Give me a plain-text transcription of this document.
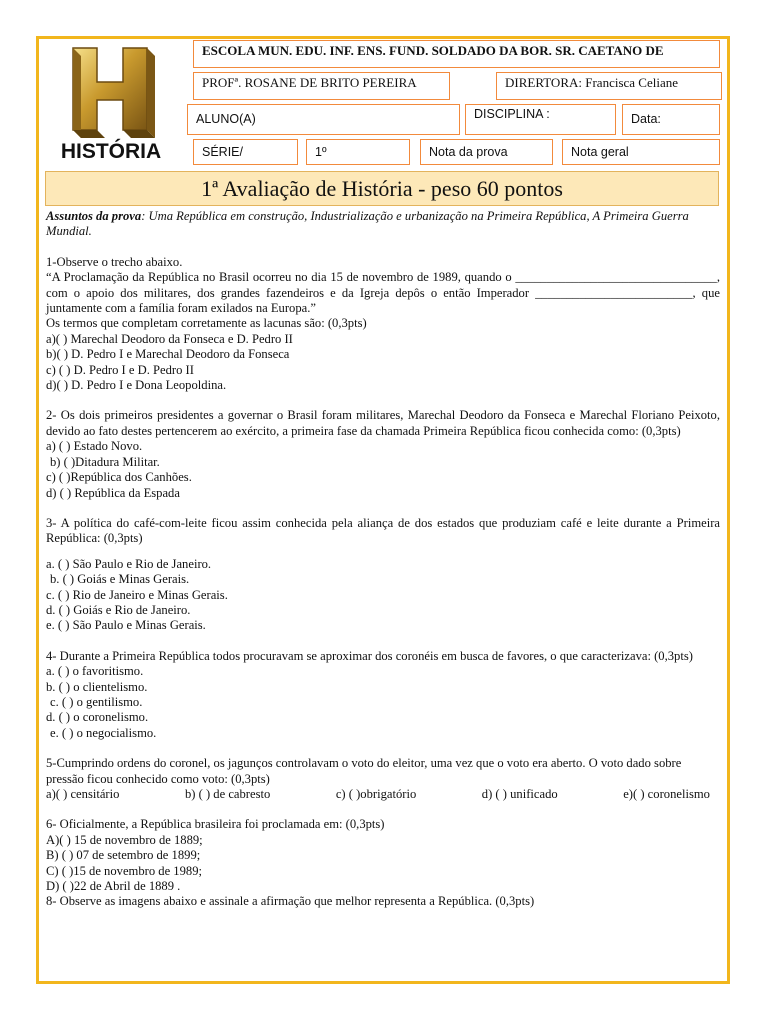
HISTÓRIA
ESCOLA MUN. EDU. INF. ENS. FUND. SOLDADO DA BOR. SR. CAETANO DE
PROFª. ROSANE DE BRITO PEREIRA	DIRERTORA: Francisca Celiane
ALUNO(A)	DISCIPLINA :	Data:
SÉRIE/	1º	Nota da prova	Nota geral
1ª Avaliação de História - peso 60 pontos

Assuntos da prova: Uma República em construção, Industrialização e urbanização na Primeira República, A Primeira Guerra Mundial.

1-Observe o trecho abaixo.

“A Proclamação da República no Brasil ocorreu no dia 15 de novembro de 1989, quando o ________________________________, com o apoio dos militares, dos grandes fazendeiros e da Igreja depôs o então Imperador _________________________, que juntamente com a família foram exilados na Europa.”

Os termos que completam corretamente as lacunas são: (0,3pts)

a)( ) Marechal Deodoro da Fonseca e D. Pedro II

b)( ) D. Pedro I e Marechal Deodoro da Fonseca

c) ( ) D. Pedro I e D. Pedro II

d)( ) D. Pedro I e Dona Leopoldina.

2- Os dois primeiros presidentes a governar o Brasil foram militares, Marechal Deodoro da Fonseca e Marechal Floriano Peixoto, devido ao fato destes pertencerem ao exército, a primeira fase da chamada Primeira República ficou conhecida como: (0,3pts)

a) ( ) Estado Novo.

b) ( )Ditadura Militar.

c) ( )República dos Canhões.

d) ( ) República da Espada

3- A política do café-com-leite ficou assim conhecida pela aliança de dos estados que produziam café e leite durante a Primeira República: (0,3pts)

a. ( ) São Paulo e Rio de Janeiro.

b. ( ) Goiás e Minas Gerais.

c. ( ) Rio de Janeiro e Minas Gerais.

d. ( ) Goiás e Rio de Janeiro.

e. ( ) São Paulo e Minas Gerais.

4- Durante a Primeira República todos procuravam se aproximar dos coronéis em busca de favores, o que caracterizava: (0,3pts)

a. ( ) o favoritismo.

b. ( ) o clientelismo.

c. ( ) o gentilismo.

d. ( ) o coronelismo.

e. ( ) o negocialismo.

5-Cumprindo ordens do coronel, os jagunços controlavam o voto do eleitor, uma vez que o voto era aberto. O voto dado sobre pressão ficou conhecido como voto: (0,3pts)

a)( ) censitário	b) ( ) de cabresto	c) ( )obrigatório	d) ( ) unificado	e)( ) coronelismo

6- Oficialmente, a República brasileira foi proclamada em: (0,3pts)

A)( ) 15 de novembro de 1889;

B) ( ) 07 de setembro de 1899;

C) ( )15 de novembro de 1989;

D) ( )22 de Abril de 1889 .

8- Observe as imagens abaixo e assinale a afirmação que melhor representa a República. (0,3pts)
